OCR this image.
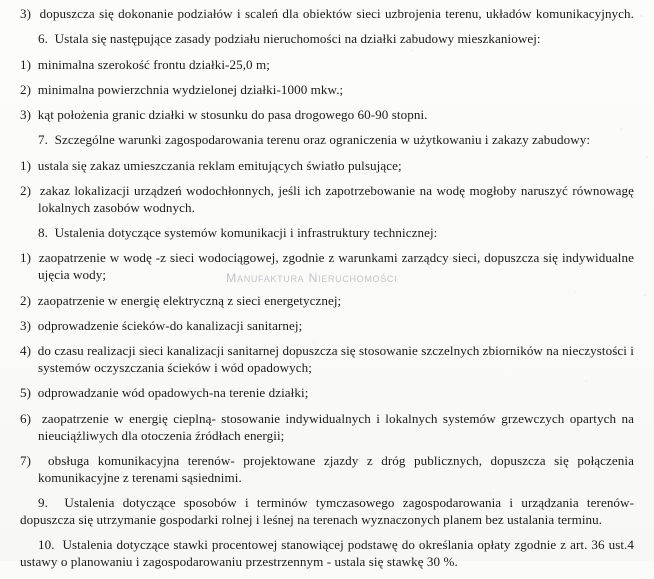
3)  dopuszcza się dokonanie podziałów i scaleń dla obiektów sieci uzbrojenia terenu, układów komunikacyjnych.

6.  Ustala się następujące zasady podziału nieruchomości na działki zabudowy mieszkaniowej:

1)  minimalna szerokość frontu działki-25,0 m;

2)  minimalna powierzchnia wydzielonej działki-1000 mkw.;

3)  kąt położenia granic działki w stosunku do pasa drogowego 60-90 stopni.

7.  Szczególne warunki zagospodarowania terenu oraz ograniczenia w użytkowaniu i zakazy zabudowy:

1)  ustala się zakaz umieszczania reklam emitujących światło pulsujące;

2)  zakaz lokalizacji urządzeń wodochłonnych, jeśli ich zapotrzebowanie na wodę mogłoby naruszyć równowagę lokalnych zasobów wodnych.

8.  Ustalenia dotyczące systemów komunikacji i infrastruktury technicznej:

1)  zaopatrzenie w wodę -z sieci wodociągowej, zgodnie z warunkami zarządcy sieci, dopuszcza się indywidualne ujęcia wody;

2)  zaopatrzenie w energię elektryczną z sieci energetycznej;

3)  odprowadzenie ścieków-do kanalizacji sanitarnej;

4)  do czasu realizacji sieci kanalizacji sanitarnej dopuszcza się stosowanie szczelnych zbiorników na nieczystości i systemów oczyszczania ścieków i wód opadowych;

5)  odprowadzanie wód opadowych-na terenie działki;

6)  zaopatrzenie w energię cieplną- stosowanie indywidualnych i lokalnych systemów grzewczych opartych na nieuciążliwych dla otoczenia źródłach energii;

7)  obsługa komunikacyjna terenów- projektowane zjazdy z dróg publicznych, dopuszcza się połączenia komunikacyjne z terenami sąsiednimi.

9.  Ustalenia dotyczące sposobów i terminów tymczasowego zagospodarowania i urządzania terenów- dopuszcza się utrzymanie gospodarki rolnej i leśnej na terenach wyznaczonych planem bez ustalania terminu.

10.  Ustalenia dotyczące stawki procentowej stanowiącej podstawę do określania opłaty zgodnie z art. 36 ust.4 ustawy o planowaniu i zagospodarowaniu przestrzennym - ustala się stawkę 30 %.

Manufaktura Nieruchomości
